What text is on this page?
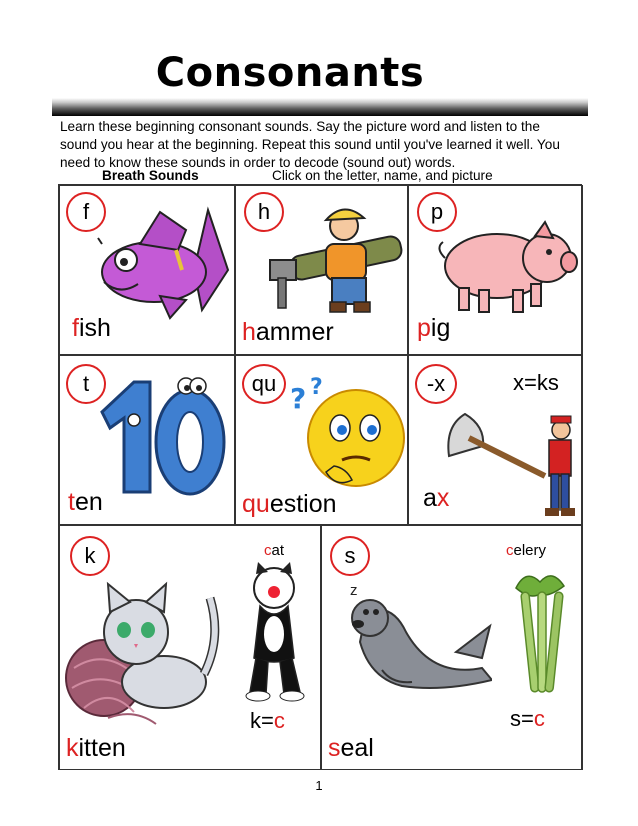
Consonants
Learn these beginning consonant sounds. Say the picture word and listen to the sound you hear at the beginning. Repeat this sound until you've learned it well. You need to know these sounds in order to decode (sound out) words.
Breath Sounds	Click on the letter, name, and picture
f
fish
h
hammer
p
pig
t
ten
qu ? ?
question
-x	x=ks
ax
k	cat
k=c
kitten
s
z
celery
s=c
seal
1
